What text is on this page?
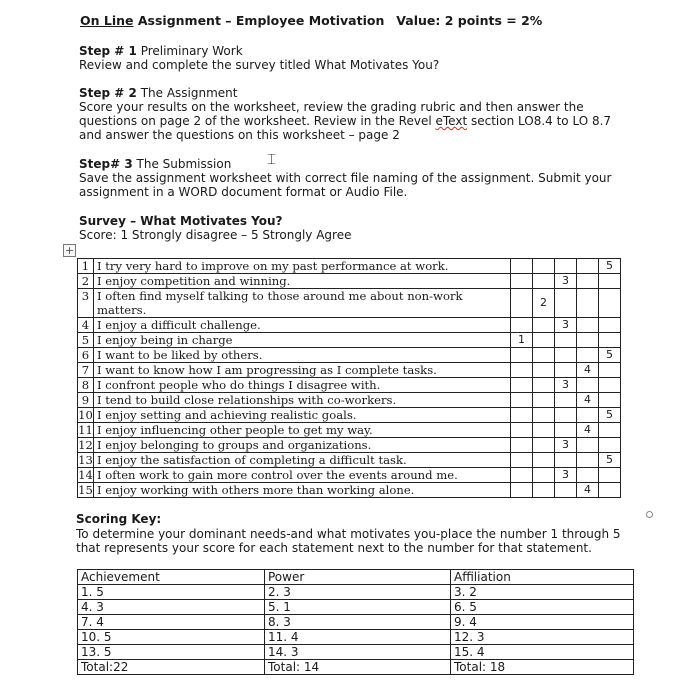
On Line Assignment – Employee Motivation Value: 2 points = 2%
Step # 1 Preliminary Work
Review and complete the survey titled What Motivates You?
Step # 2 The Assignment
Score your results on the worksheet, review the grading rubric and then answer the questions on page 2 of the worksheet. Review in the Revel eText section LO8.4 to LO 8.7 and answer the questions on this worksheet – page 2
⌶
Step# 3 The Submission
Save the assignment worksheet with correct file naming of the assignment. Submit your assignment in a WORD document format or Audio File.
Survey – What Motivates You?
Score: 1 Strongly disagree – 5 Strongly Agree
+
1	I try very hard to improve on my past performance at work.					5
2	I enjoy competition and winning.			3		
3	I often find myself talking to those around me about non-work matters.		2			
4	I enjoy a difficult challenge.			3		
5	I enjoy being in charge	1				
6	I want to be liked by others.					5
7	I want to know how I am progressing as I complete tasks.				4	
8	I confront people who do things I disagree with.			3		
9	I tend to build close relationships with co-workers.				4	
10	I enjoy setting and achieving realistic goals.					5
11	I enjoy influencing other people to get my way.				4	
12	I enjoy belonging to groups and organizations.			3		
13	I enjoy the satisfaction of completing a difficult task.					5
14	I often work to gain more control over the events around me.			3		
15	I enjoy working with others more than working alone.				4	
Scoring Key:
To determine your dominant needs-and what motivates you-place the number 1 through 5 that represents your score for each statement next to the number for that statement.
Achievement	Power	Affiliation
1. 5	2. 3	3. 2
4. 3	5. 1	6. 5
7. 4	8. 3	9. 4
10. 5	11. 4	12. 3
13. 5	14. 3	15. 4
Total:22	Total: 14	Total: 18
